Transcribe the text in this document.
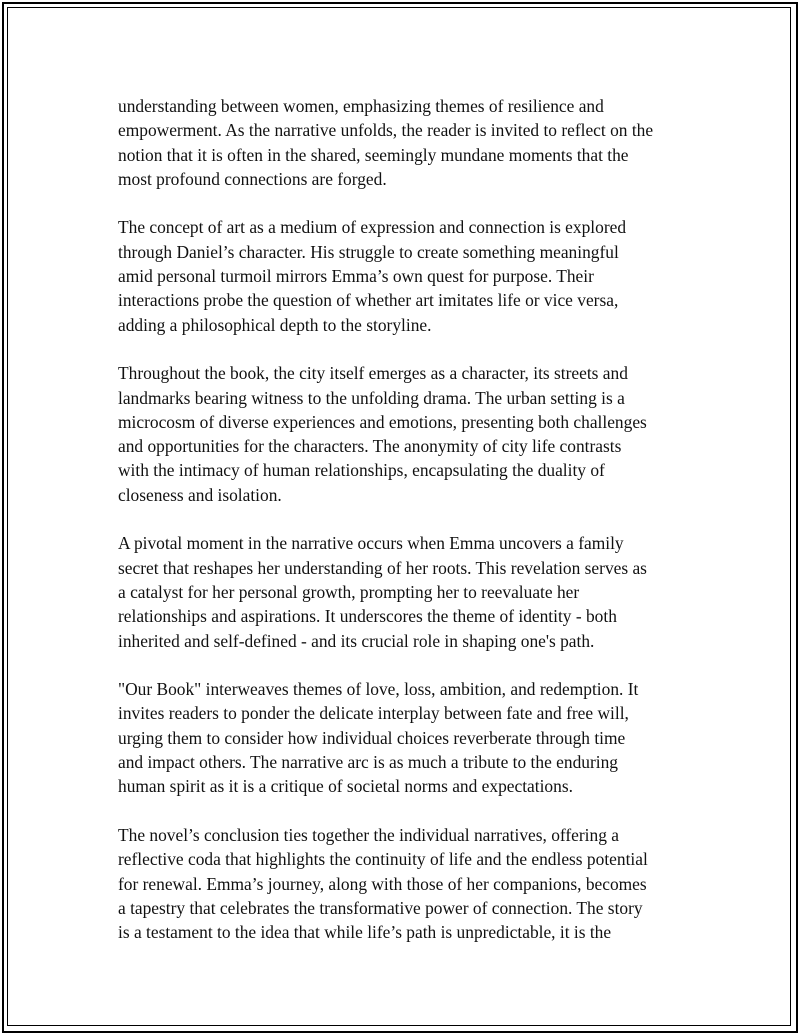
understanding between women, emphasizing themes of resilience and
empowerment. As the narrative unfolds, the reader is invited to reflect on the
notion that it is often in the shared, seemingly mundane moments that the
most profound connections are forged.

The concept of art as a medium of expression and connection is explored
through Daniel’s character. His struggle to create something meaningful
amid personal turmoil mirrors Emma’s own quest for purpose. Their
interactions probe the question of whether art imitates life or vice versa,
adding a philosophical depth to the storyline.

Throughout the book, the city itself emerges as a character, its streets and
landmarks bearing witness to the unfolding drama. The urban setting is a
microcosm of diverse experiences and emotions, presenting both challenges
and opportunities for the characters. The anonymity of city life contrasts
with the intimacy of human relationships, encapsulating the duality of
closeness and isolation.

A pivotal moment in the narrative occurs when Emma uncovers a family
secret that reshapes her understanding of her roots. This revelation serves as
a catalyst for her personal growth, prompting her to reevaluate her
relationships and aspirations. It underscores the theme of identity - both
inherited and self-defined - and its crucial role in shaping one's path.

"Our Book" interweaves themes of love, loss, ambition, and redemption. It
invites readers to ponder the delicate interplay between fate and free will,
urging them to consider how individual choices reverberate through time
and impact others. The narrative arc is as much a tribute to the enduring
human spirit as it is a critique of societal norms and expectations.

The novel’s conclusion ties together the individual narratives, offering a
reflective coda that highlights the continuity of life and the endless potential
for renewal. Emma’s journey, along with those of her companions, becomes
a tapestry that celebrates the transformative power of connection. The story
is a testament to the idea that while life’s path is unpredictable, it is the
